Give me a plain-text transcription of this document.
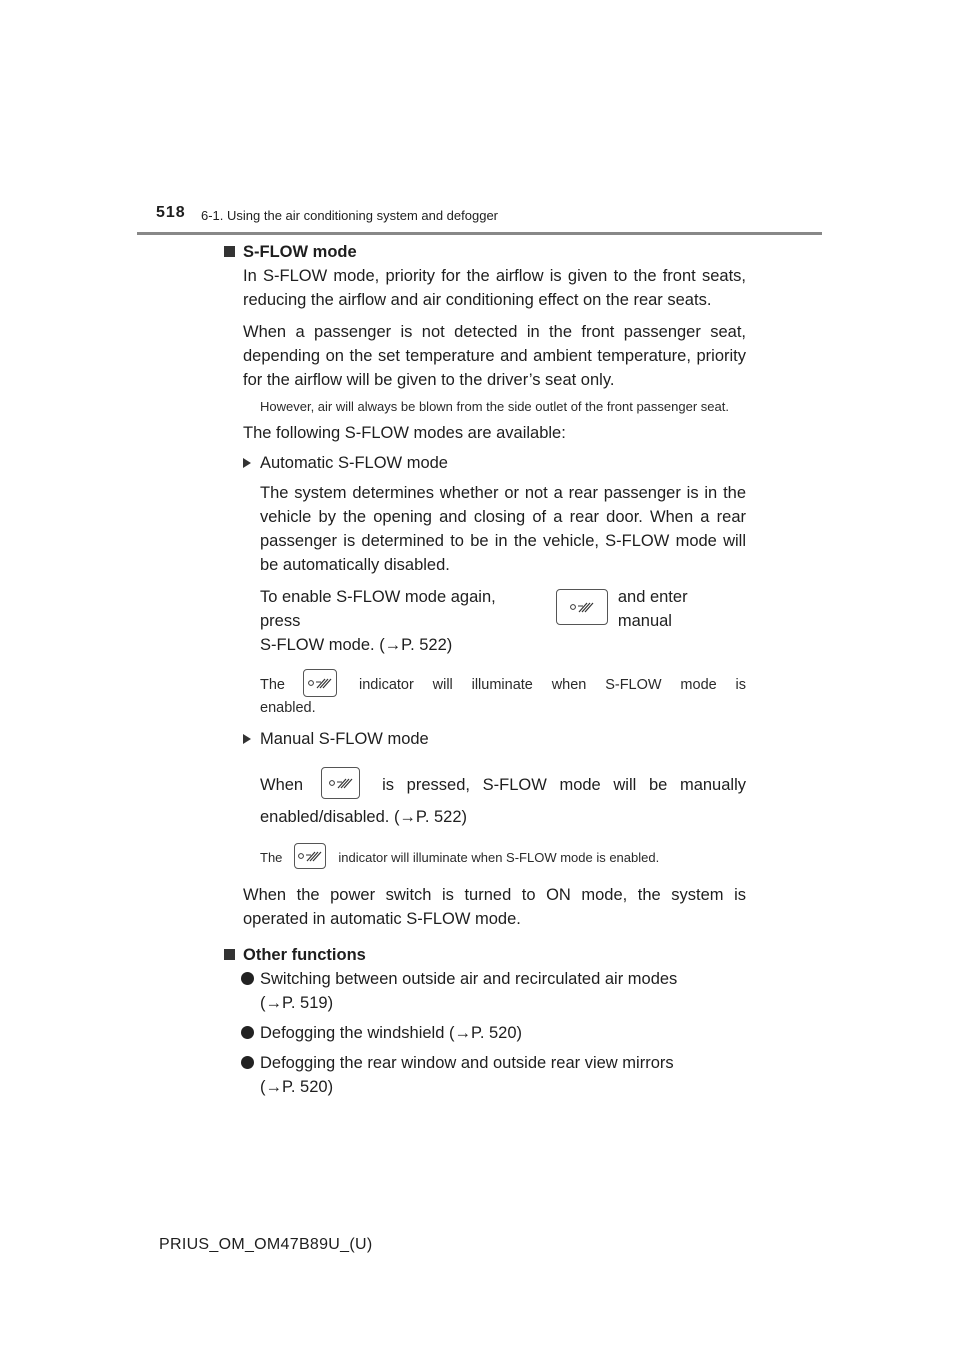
518 6-1. Using the air conditioning system and defogger
S-FLOW mode

In S-FLOW mode, priority for the airflow is given to the front seats, reducing the airflow and air conditioning effect on the rear seats.

When a passenger is not detected in the front passenger seat, depending on the set temperature and ambient temperature, priority for the airflow will be given to the driver’s seat only.

However, air will always be blown from the side outlet of the front passenger seat.

The following S-FLOW modes are available:

Automatic S-FLOW mode

The system determines whether or not a rear passenger is in the vehicle by the opening and closing of a rear door. When a rear passenger is determined to be in the vehicle, S-FLOW mode will be automatically disabled.

To enable S-FLOW mode again, press
and enter manual

S-FLOW mode. (→P. 522)

The	indicator will illuminate when S-FLOW mode is

enabled.

Manual S-FLOW mode
When	is pressed, S-FLOW mode will be manually

enabled/disabled. (→P. 522)

The	indicator will illuminate when S-FLOW mode is enabled.

When the power switch is turned to ON mode, the system is operated in automatic S-FLOW mode.

Other functions
Switching between outside air and recirculated air modes
(→P. 519)
Defogging the windshield (→P. 520)
Defogging the rear window and outside rear view mirrors
(→P. 520)
PRIUS_OM_OM47B89U_(U)
